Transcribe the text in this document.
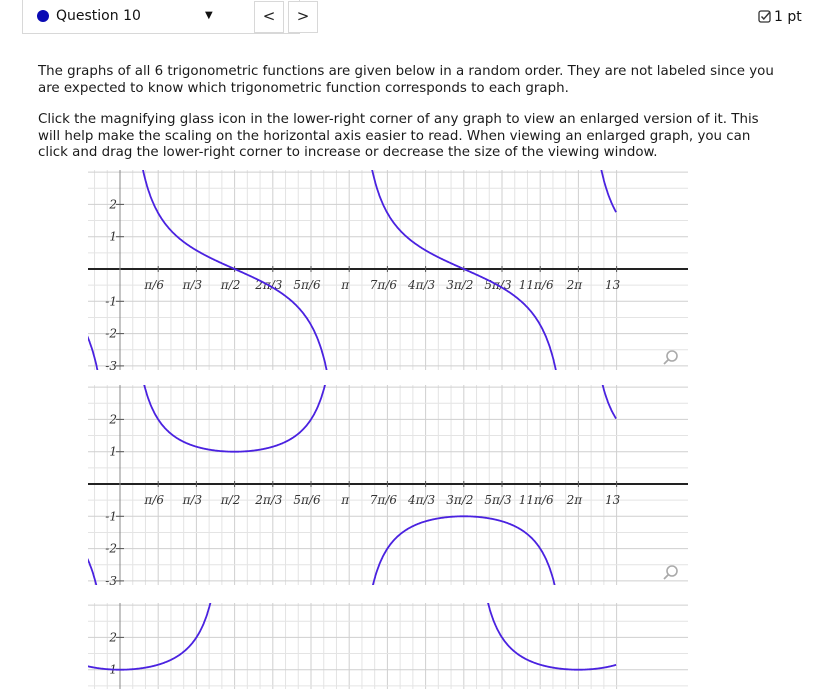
Question 10	▼	<	>	1 pt

The graphs of all 6 trigonometric functions are given below in a random order. They are not labeled since you are expected to know which trigonometric function corresponds to each graph.

Click the magnifying glass icon in the lower-right corner of any graph to view an enlarged version of it. This will help make the scaling on the horizontal axis easier to read. When viewing an enlarged graph, you can click and drag the lower-right corner to increase or decrease the size of the viewing window.

2
1
-1
-2
-3
π/6 π/3 π/2 2π/3 5π/6 π 7π/6 4π/3 3π/2 5π/3 11π/6 2π 13
2
1
-1
-2
-3
π/6 π/3 π/2 2π/3 5π/6 π 7π/6 4π/3 3π/2 5π/3 11π/6 2π 13
2
1
